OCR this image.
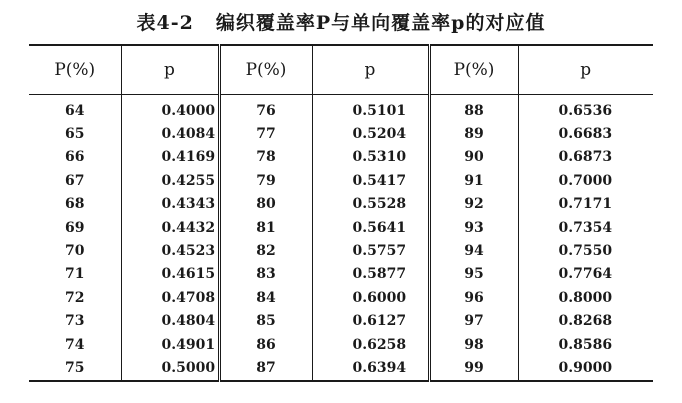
表4-2 编织覆盖率P与单向覆盖率p的对应值
P(%)	p	P(%)	p	P(%)	p
64	0.4000	76	0.5101	88	0.6536
65	0.4084	77	0.5204	89	0.6683
66	0.4169	78	0.5310	90	0.6873
67	0.4255	79	0.5417	91	0.7000
68	0.4343	80	0.5528	92	0.7171
69	0.4432	81	0.5641	93	0.7354
70	0.4523	82	0.5757	94	0.7550
71	0.4615	83	0.5877	95	0.7764
72	0.4708	84	0.6000	96	0.8000
73	0.4804	85	0.6127	97	0.8268
74	0.4901	86	0.6258	98	0.8586
75	0.5000	87	0.6394	99	0.9000
